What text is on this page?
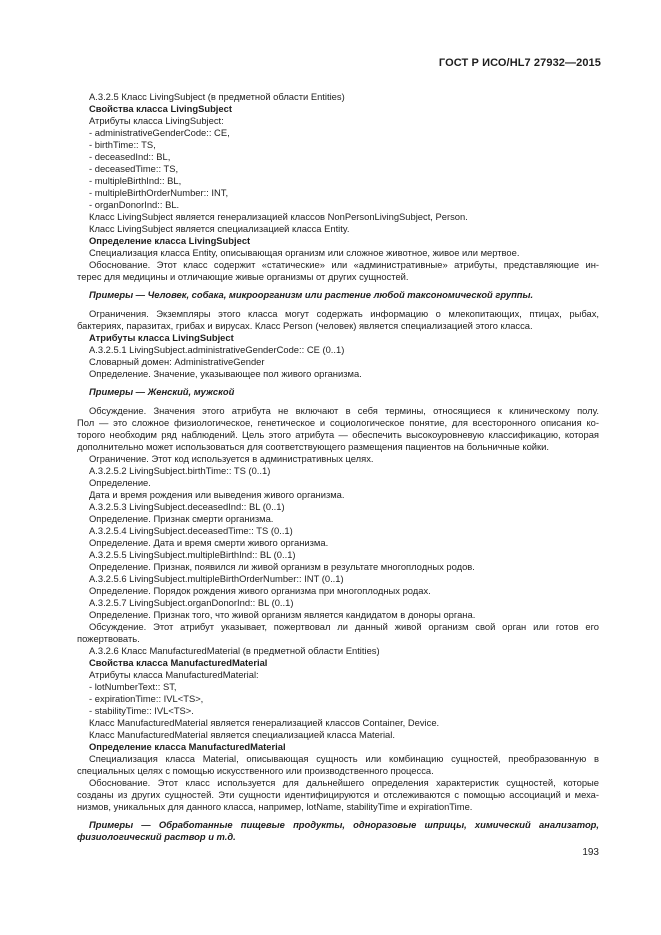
ГОСТ Р ИСО/HL7 27932—2015
А.3.2.5 Класс LivingSubject (в предметной области Entities)
Свойства класса LivingSubject
Атрибуты класса LivingSubject:
- administrativeGenderCode:: CE,
- birthTime:: TS,
- deceasedInd:: BL,
- deceasedTime:: TS,
- multipleBirthInd:: BL,
- multipleBirthOrderNumber:: INT,
- organDonorInd:: BL.
Класс LivingSubject является генерализацией классов NonPersonLivingSubject, Person.
Класс LivingSubject является специализацией класса Entity.
Определение класса LivingSubject
Специализация класса Entity, описывающая организм или сложное животное, живое или мертвое.
Обоснование. Этот класс содержит «статические» или «административные» атрибуты, представляющие ин-
терес для медицины и отличающие живые организмы от других сущностей.
Примеры — Человек, собака, микроорганизм или растение любой таксономической группы.
Ограничения. Экземпляры этого класса могут содержать информацию о млекопитающих, птицах, рыбах,
бактериях, паразитах, грибах и вирусах. Класс Person (человек) является специализацией этого класса.
Атрибуты класса LivingSubject
А.3.2.5.1 LivingSubject.administrativeGenderCode:: CE (0..1)
Словарный домен: AdministrativeGender
Определение. Значение, указывающее пол живого организма.
Примеры — Женский, мужской
Обсуждение. Значения этого атрибута не включают в себя термины, относящиеся к клиническому полу.
Пол — это сложное физиологическое, генетическое и социологическое понятие, для всесторонного описания ко-
торого необходим ряд наблюдений. Цель этого атрибута — обеспечить высокоуровневую классификацию, которая
дополнительно может использоваться для соответствующего размещения пациентов на больничные койки.
Ограничение. Этот код используется в административных целях.
А.3.2.5.2 LivingSubject.birthTime:: TS (0..1)
Определение.
Дата и время рождения или выведения живого организма.
А.3.2.5.3 LivingSubject.deceasedInd:: BL (0..1)
Определение. Признак смерти организма.
А.3.2.5.4 LivingSubject.deceasedTime:: TS (0..1)
Определение. Дата и время смерти живого организма.
А.3.2.5.5 LivingSubject.multipleBirthInd:: BL (0..1)
Определение. Признак, появился ли живой организм в результате многоплодных родов.
А.3.2.5.6 LivingSubject.multipleBirthOrderNumber:: INT (0..1)
Определение. Порядок рождения живого организма при многоплодных родах.
А.3.2.5.7 LivingSubject.organDonorInd:: BL (0..1)
Определение. Признак того, что живой организм является кандидатом в доноры органа.
Обсуждение. Этот атрибут указывает, пожертвовал ли данный живой организм свой орган или готов его
пожертвовать.
А.3.2.6 Класс ManufacturedMaterial (в предметной области Entities)
Свойства класса ManufacturedMaterial
Атрибуты класса ManufacturedMaterial:
- lotNumberText:: ST,
- expirationTime:: IVL<TS>,
- stabilityTime:: IVL<TS>.
Класс ManufacturedMaterial является генерализацией классов Container, Device.
Класс ManufacturedMaterial является специализацией класса Material.
Определение класса ManufacturedMaterial
Специализация класса Material, описывающая сущность или комбинацию сущностей, преобразованную в
специальных целях с помощью искусственного или производственного процесса.
Обоснование. Этот класс используется для дальнейшего определения характеристик сущностей, которые
созданы из других сущностей. Эти сущности идентифицируются и отслеживаются с помощью ассоциаций и меха-
низмов, уникальных для данного класса, например, lotName, stabilityTime и expirationTime.
Примеры — Обработанные пищевые продукты, одноразовые шприцы, химический анализатор,
физиологический раствор и т.д.
193
